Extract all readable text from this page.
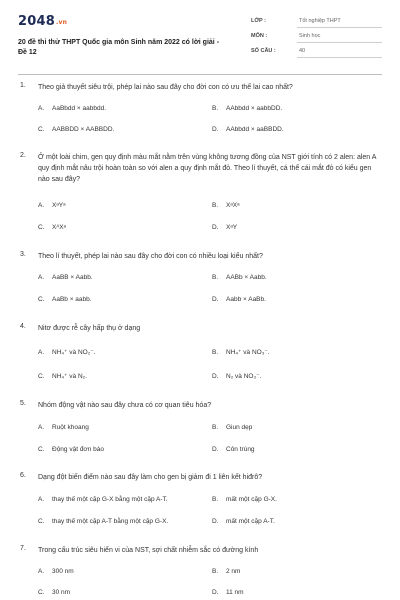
2048.vn
20 đề thi thử THPT Quốc gia môn Sinh năm 2022 có lời giải - Đề 12
LỚP :	Tốt nghiệp THPT
MÔN :	Sinh học
SỐ CÂU :	40
1. Theo giả thuyết siêu trội, phép lai nào sau đây cho đời con có ưu thế lai cao nhất?
A. AaBbdd × aabbdd.	B. AAbbdd × aabbDD.
C. AABBDD × AABBDD.	D. AAbbdd × aaBBDD.
2. Ở một loài chim, gen quy định màu mắt nằm trên vùng không tương đồng của NST giới tính có 2 alen: alen A quy định mắt nâu trội hoàn toàn so với alen a quy định mắt đỏ. Theo lí thuyết, cá thể cái mắt đỏ có kiểu gen nào sau đây?
A. XᵃYᵃ	B. XᵃXᵃ
C. XᴬXᵃ	D. XᵃY
3. Theo lí thuyết, phép lai nào sau đây cho đời con có nhiều loại kiểu nhất?
A. AaBB × Aabb.	B. AABb × Aabb.
C. AaBb × aabb.	D. Aabb × AaBb.
4. Nitơ được rễ cây hấp thụ ở dạng
A. NH₄⁺ và NO₂⁻.	B. NH₄⁺ và NO₃⁻.
C. NH₄⁺ và N₂.	D. N₂ và NO₃⁻.
5. Nhóm động vật nào sau đây chưa có cơ quan tiêu hóa?
A. Ruột khoang	B. Giun dẹp
C. Động vật đơn bào	D. Côn trùng
6. Dạng đột biến điểm nào sau đây làm cho gen bị giảm đi 1 liên kết hiđrô?
A. thay thế một cặp G-X bằng một cặp A-T.	B. mất một cặp G-X.
C. thay thế một cặp A-T bằng một cặp G-X.	D. mất một cặp A-T.
7. Trong cấu trúc siêu hiển vi của NST, sợi chất nhiễm sắc có đường kính
A. 300 nm	B. 2 nm
C. 30 nm	D. 11 nm
